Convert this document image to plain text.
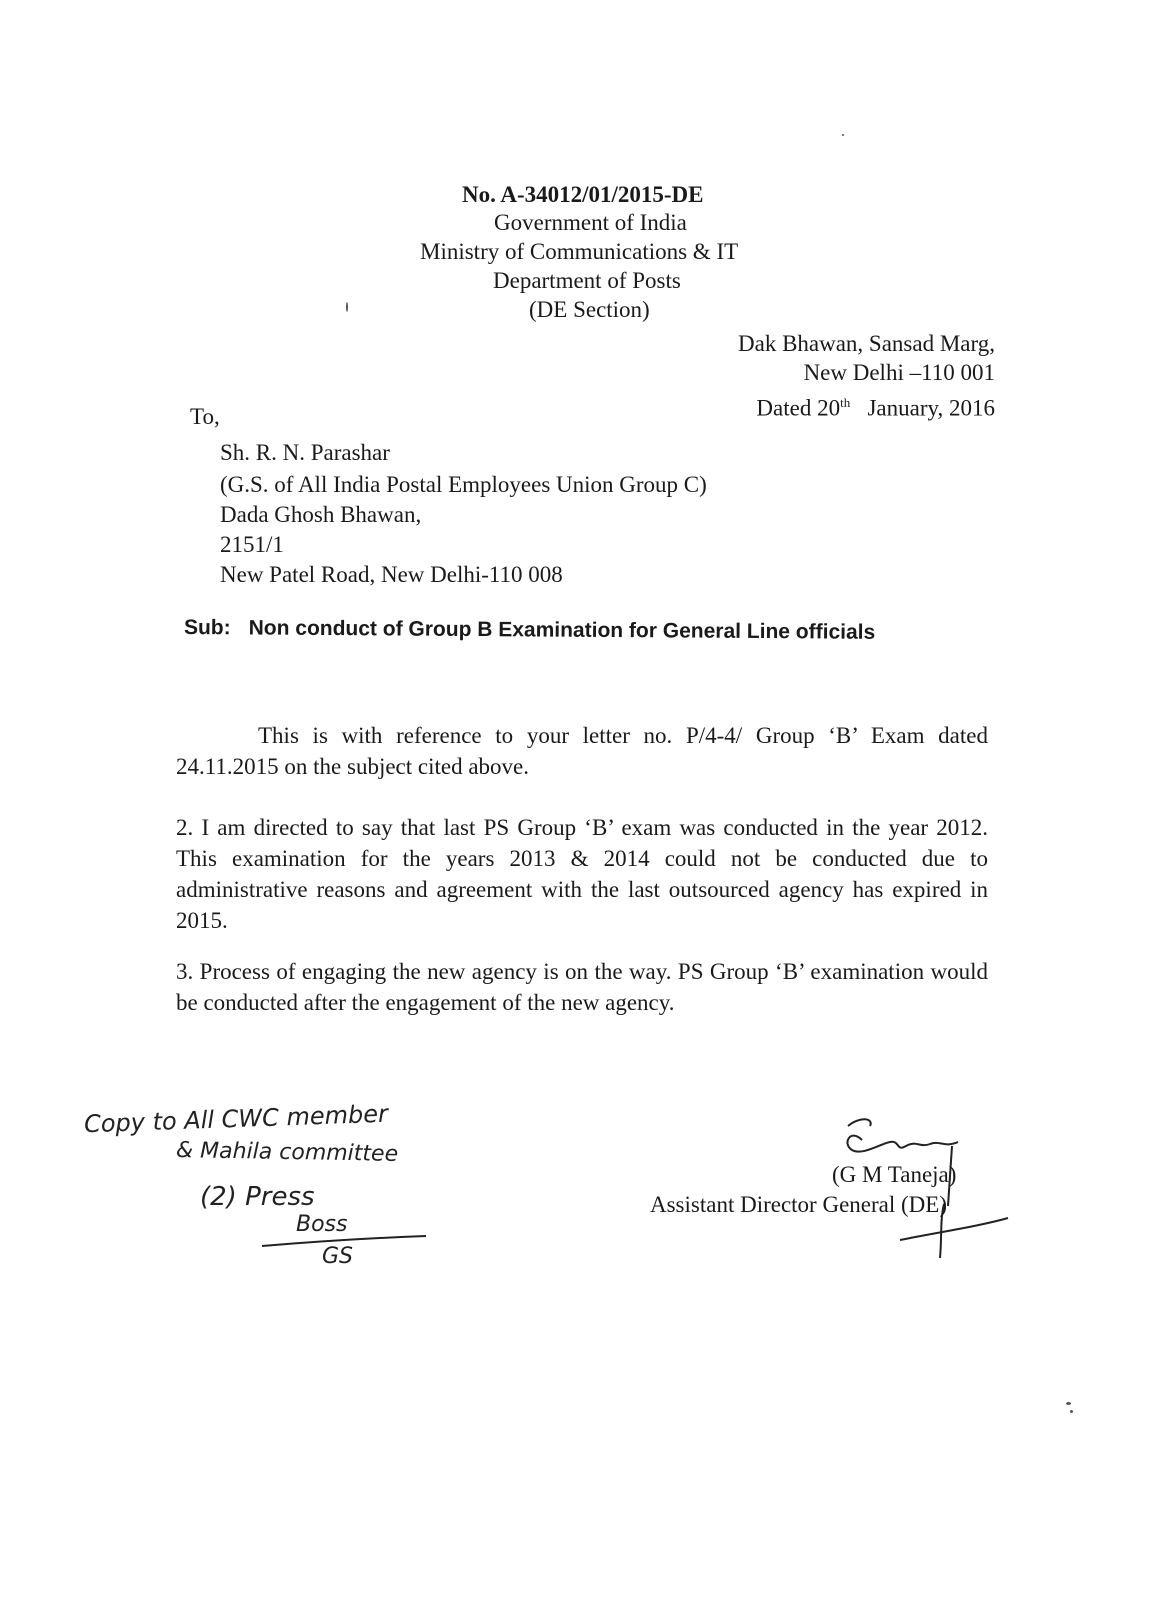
No. A-34012/01/2015-DE
Government of India
Ministry of Communications & IT
Department of Posts
(DE Section)
Dak Bhawan, Sansad Marg,
New Delhi –110 001
Dated 20th January, 2016
To,
Sh. R. N. Parashar
(G.S. of All India Postal Employees Union Group C)
Dada Ghosh Bhawan,
2151/1
New Patel Road, New Delhi-110 008
Sub: Non conduct of Group B Examination for General Line officials
This is with reference to your letter no. P/4-4/ Group ‘B’ Exam dated 24.11.2015 on the subject cited above.
2. I am directed to say that last PS Group ‘B’ exam was conducted in the year 2012. This examination for the years 2013 & 2014 could not be conducted due to administrative reasons and agreement with the last outsourced agency has expired in 2015.
3. Process of engaging the new agency is on the way. PS Group ‘B’ examination would be conducted after the engagement of the new agency.
(G M Taneja)
Assistant Director General (DE)
Copy to All CWC member
& Mahila committee
(2) Press
Boss
GS
